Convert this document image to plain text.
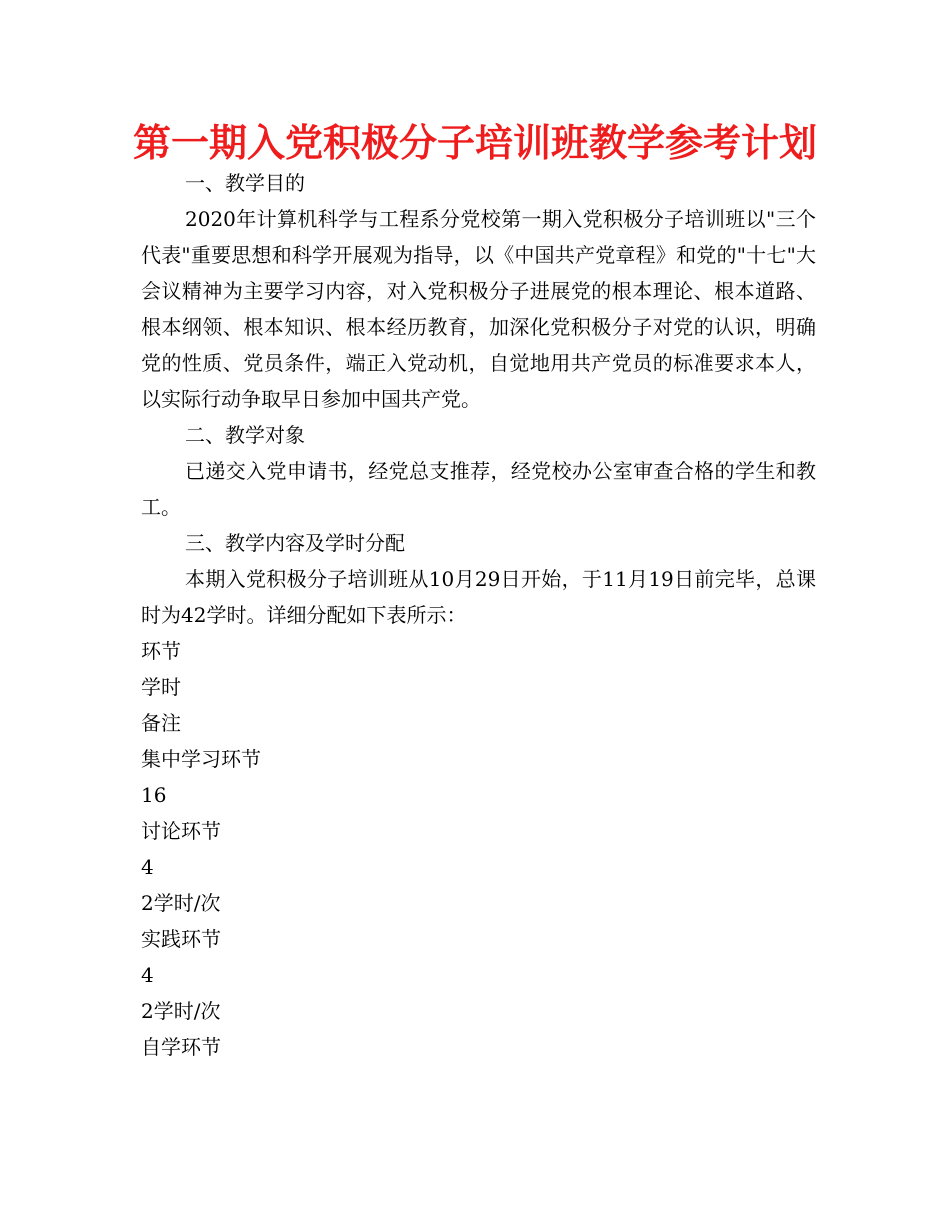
第一期入党积极分子培训班教学参考计划

一、教学目的

2020年计算机科学与工程系分党校第一期入党积极分子培训班以"三个代表"重要思想和科学开展观为指导，以《中国共产党章程》和党的"十七"大会议精神为主要学习内容，对入党积极分子进展党的根本理论、根本道路、根本纲领、根本知识、根本经历教育，加深化党积极分子对党的认识，明确党的性质、党员条件，端正入党动机，自觉地用共产党员的标准要求本人，以实际行动争取早日参加中国共产党。

二、教学对象

已递交入党申请书，经党总支推荐，经党校办公室审查合格的学生和教工。

三、教学内容及学时分配

本期入党积极分子培训班从10月29日开始，于11月19日前完毕，总课时为42学时。详细分配如下表所示：

环节

学时

备注

集中学习环节

16

讨论环节

4

2学时/次

实践环节

4

2学时/次

自学环节
